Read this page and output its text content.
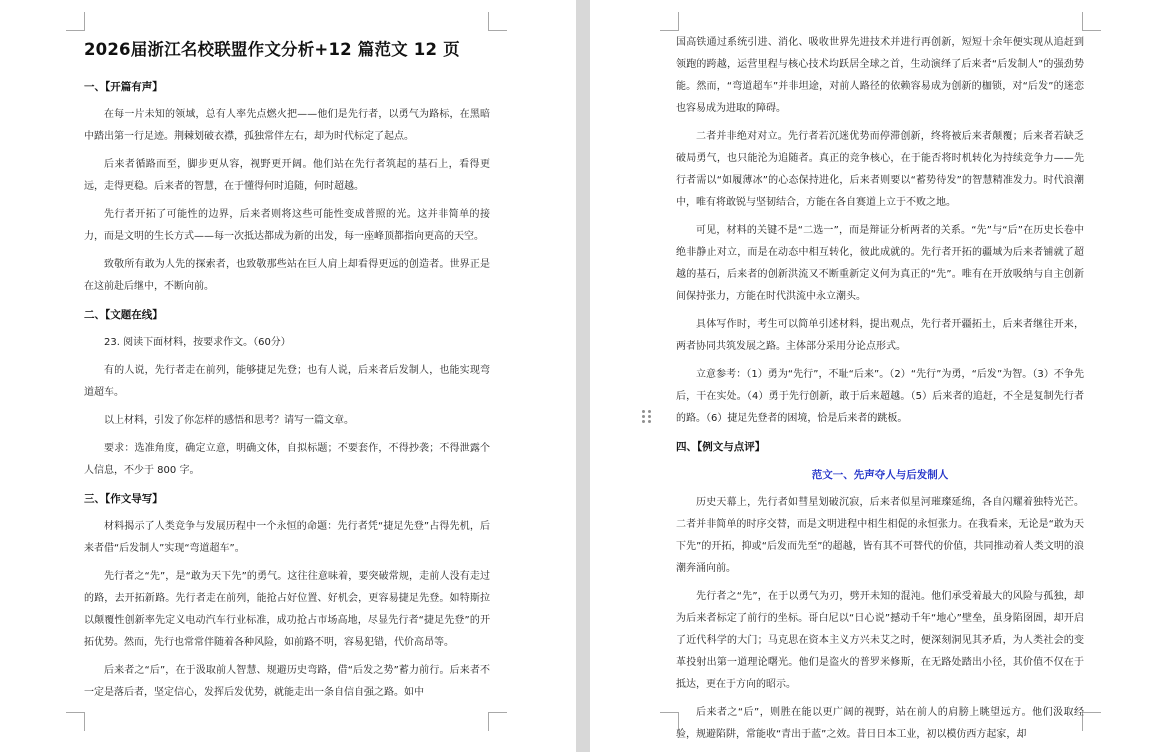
2026届浙江名校联盟作文分析+12 篇范文 12 页
一、【开篇有声】
在每一片未知的领域，总有人率先点燃火把——他们是先行者，以勇气为路标，在黑暗中踏出第一行足迹。荆棘划破衣襟，孤独常伴左右，却为时代标定了起点。
后来者循路而至，脚步更从容，视野更开阔。他们站在先行者筑起的基石上，看得更远，走得更稳。后来者的智慧，在于懂得何时追随，何时超越。
先行者开拓了可能性的边界，后来者则将这些可能性变成普照的光。这并非简单的接力，而是文明的生长方式——每一次抵达都成为新的出发，每一座峰顶都指向更高的天空。
致敬所有敢为人先的探索者，也致敬那些站在巨人肩上却看得更远的创造者。世界正是在这前赴后继中，不断向前。
二、【文题在线】
23. 阅读下面材料，按要求作文。（60分）
有的人说，先行者走在前列，能够捷足先登；也有人说，后来者后发制人，也能实现弯道超车。
以上材料，引发了你怎样的感悟和思考？请写一篇文章。
要求：选准角度，确定立意，明确文体，自拟标题；不要套作，不得抄袭；不得泄露个人信息，不少于 800 字。
三、【作文导写】
材料揭示了人类竞争与发展历程中一个永恒的命题：先行者凭“捷足先登”占得先机，后来者借“后发制人”实现“弯道超车”。
先行者之“先”，是“敢为天下先”的勇气。这往往意味着，要突破常规，走前人没有走过的路，去开拓新路。先行者走在前列，能抢占好位置、好机会，更容易捷足先登。如特斯拉以颠覆性创新率先定义电动汽车行业标准，成功抢占市场高地，尽显先行者“捷足先登”的开拓优势。然而，先行也常常伴随着各种风险，如前路不明，容易犯错，代价高昂等。
后来者之“后”，在于汲取前人智慧、规避历史弯路，借“后发之势”蓄力前行。后来者不一定是落后者，坚定信心，发挥后发优势，就能走出一条自信自强之路。如中
国高铁通过系统引进、消化、吸收世界先进技术并进行再创新，短短十余年便实现从追赶到领跑的跨越，运营里程与核心技术均跃居全球之首，生动演绎了后来者“后发制人”的强劲势能。然而，“弯道超车”并非坦途，对前人路径的依赖容易成为创新的枷锁，对“后发”的迷恋也容易成为进取的障碍。
二者并非绝对对立。先行者若沉迷优势而停滞创新，终将被后来者颠覆；后来者若缺乏破局勇气，也只能沦为追随者。真正的竞争核心，在于能否将时机转化为持续竞争力——先行者需以“如履薄冰”的心态保持进化，后来者则要以“蓄势待发”的智慧精准发力。时代浪潮中，唯有将敢锐与坚韧结合，方能在各自赛道上立于不败之地。
可见，材料的关键不是“二选一”，而是辩证分析两者的关系。“先”与“后”在历史长卷中绝非静止对立，而是在动态中相互转化，彼此成就的。先行者开拓的疆域为后来者铺就了超越的基石，后来者的创新洪流又不断重新定义何为真正的“先”。唯有在开放吸纳与自主创新间保持张力，方能在时代洪流中永立潮头。
具体写作时，考生可以简单引述材料，提出观点，先行者开疆拓土，后来者继往开来，两者协同共筑发展之路。主体部分采用分论点形式。
立意参考：（1）勇为“先行”，不耻“后来”。（2）“先行”为勇，“后发”为智。（3）不争先后，干在实处。（4）勇于先行创新，敢于后来超越。（5）后来者的追赶，不全是复制先行者的路。（6）捷足先登者的困境，恰是后来者的跳板。
四、【例文与点评】
范文一、先声夺人与后发制人
历史天幕上，先行者如彗星划破沉寂，后来者似星河璀璨延绵，各自闪耀着独特光芒。二者并非简单的时序交替，而是文明进程中相生相促的永恒张力。在我看来，无论是“敢为天下先”的开拓，抑或“后发而先至”的超越，皆有其不可替代的价值，共同推动着人类文明的浪潮奔涌向前。
先行者之“先”，在于以勇气为刃，劈开未知的混沌。他们承受着最大的风险与孤独，却为后来者标定了前行的坐标。哥白尼以“日心说”撼动千年“地心”壁垒，虽身陷囹圄，却开启了近代科学的大门；马克思在资本主义方兴未艾之时，便深刻洞见其矛盾，为人类社会的变革投射出第一道理论曙光。他们是盗火的普罗米修斯，在无路处踏出小径，其价值不仅在于抵达，更在于方向的昭示。
后来者之“后”，则胜在能以更广阔的视野，站在前人的肩膀上眺望远方。他们汲取经验，规避陷阱，常能收“青出于蓝”之效。昔日日本工业，初以模仿西方起家，却
